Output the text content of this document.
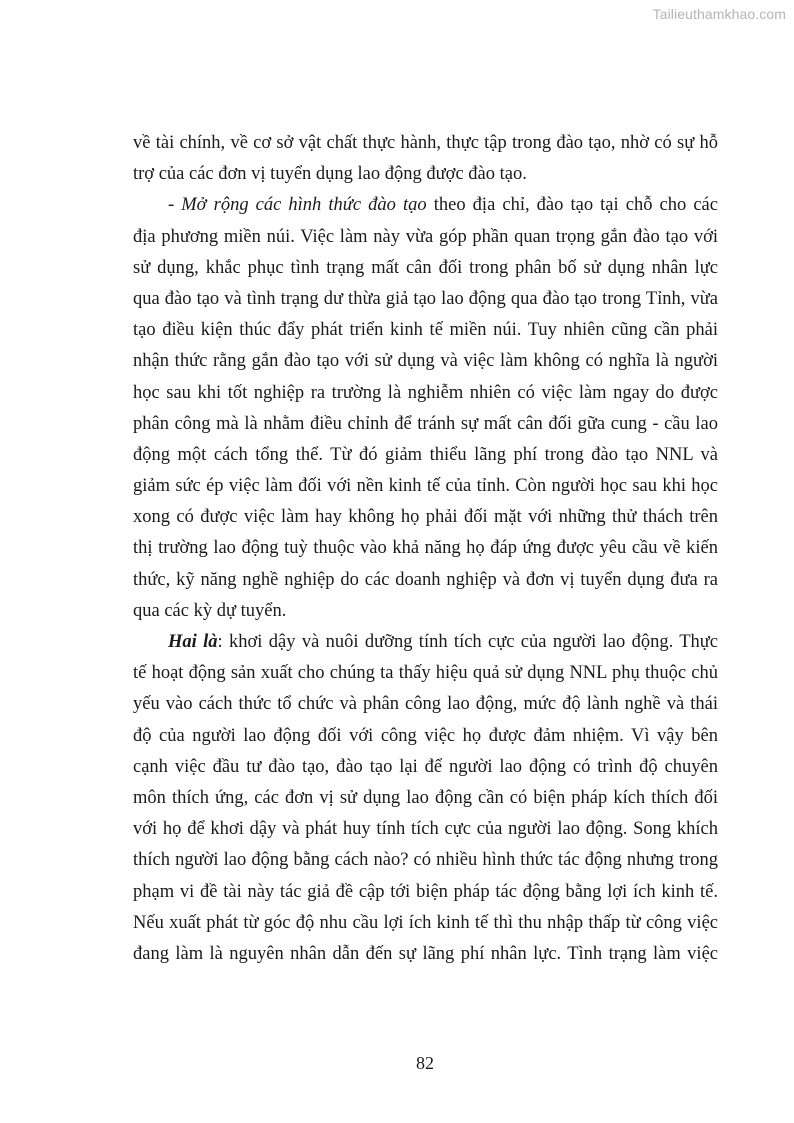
Tailieuthamkhao.com
về tài chính, về cơ sở vật chất thực hành, thực tập trong đào tạo, nhờ có sự hỗ
trợ của các đơn vị tuyển dụng lao động được đào tạo.
- Mở rộng các hình thức đào tạo theo địa chỉ, đào tạo tại chỗ cho các
địa phương miền núi. Việc làm này vừa góp phần quan trọng gắn đào tạo với
sử dụng, khắc phục tình trạng mất cân đối trong phân bố sử dụng nhân lực
qua đào tạo và tình trạng dư thừa giả tạo lao động qua đào tạo trong Tỉnh, vừa
tạo điều kiện thúc đẩy phát triển kinh tế miền núi. Tuy nhiên cũng cần phải
nhận thức rằng gắn đào tạo với sử dụng và việc làm không có nghĩa là người
học sau khi tốt nghiệp ra trường là nghiễm nhiên có việc làm ngay do được
phân công mà là nhằm điều chỉnh để tránh sự mất cân đối gữa cung - cầu lao
động một cách tổng thể. Từ đó giảm thiểu lãng phí trong đào tạo NNL và
giảm sức ép việc làm đối với nền kinh tế của tỉnh. Còn người học sau khi học
xong có được việc làm hay không họ phải đối mặt với những thử thách trên
thị trường lao động tuỳ thuộc vào khả năng họ đáp ứng được yêu cầu về kiến
thức, kỹ năng nghề nghiệp do các doanh nghiệp và đơn vị tuyển dụng đưa ra
qua các kỳ dự tuyển.
Hai là: khơi dậy và nuôi dưỡng tính tích cực của người lao động. Thực
tế hoạt động sản xuất cho chúng ta thấy hiệu quả sử dụng NNL phụ thuộc chủ
yếu vào cách thức tổ chức và phân công lao động, mức độ lành nghề và thái
độ của người lao động đối với công việc họ được đảm nhiệm. Vì vậy bên
cạnh việc đầu tư đào tạo, đào tạo lại để người lao động có trình độ chuyên
môn thích ứng, các đơn vị sử dụng lao động cần có biện pháp kích thích đối
với họ để khơi dậy và phát huy tính tích cực của người lao động. Song khích
thích người lao động bằng cách nào? có nhiều hình thức tác động nhưng trong
phạm vi đề tài này tác giả đề cập tới biện pháp tác động bằng lợi ích kinh tế.
Nếu xuất phát từ góc độ nhu cầu lợi ích kinh tế thì thu nhập thấp từ công việc
đang làm là nguyên nhân dẫn đến sự lãng phí nhân lực. Tình trạng làm việc
82
